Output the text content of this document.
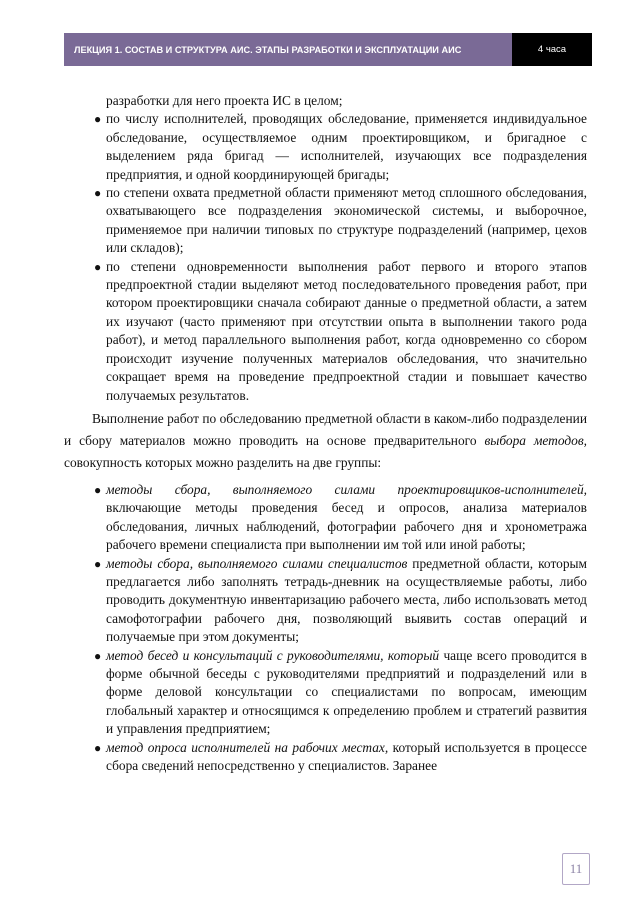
ЛЕКЦИЯ 1. СОСТАВ И СТРУКТУРА АИС. ЭТАПЫ РАЗРАБОТКИ И ЭКСПЛУАТАЦИИ АИС	4 часа
разработки для него проекта ИС в целом;
● по числу исполнителей, проводящих обследование, применяется индивидуальное обследование, осуществляемое одним проектировщиком, и бригадное с выделением ряда бригад — исполнителей, изучающих все подразделения предприятия, и одной координирующей бригады;
● по степени охвата предметной области применяют метод сплошного обследования, охватывающего все подразделения экономической системы, и выборочное, применяемое при наличии типовых по структуре подразделений (например, цехов или складов);
● по степени одновременности выполнения работ первого и второго этапов предпроектной стадии выделяют метод последовательного проведения работ, при котором проектировщики сначала собирают данные о предметной области, а затем их изучают (часто применяют при отсутствии опыта в выполнении такого рода работ), и метод параллельного выполнения работ, когда одновременно со сбором происходит изучение полученных материалов обследования, что значительно сокращает время на проведение предпроектной стадии и повышает качество получаемых результатов.
Выполнение работ по обследованию предметной области в каком-либо подразделении и сбору материалов можно проводить на основе предварительного выбора методов, совокупность которых можно разделить на две группы:
● методы сбора, выполняемого силами проектировщиков-исполнителей, включающие методы проведения бесед и опросов, анализа материалов обследования, личных наблюдений, фотографии рабочего дня и хронометража рабочего времени специалиста при выполнении им той или иной работы;
● методы сбора, выполняемого силами специалистов предметной области, которым предлагается либо заполнять тетрадь-дневник на осуществляемые работы, либо проводить документную инвентаризацию рабочего места, либо использовать метод самофотографии рабочего дня, позволяющий выявить состав операций и получаемые при этом документы;
● метод бесед и консультаций с руководителями, который чаще всего проводится в форме обычной беседы с руководителями предприятий и подразделений или в форме деловой консультации со специалистами по вопросам, имеющим глобальный характер и относящимся к определению проблем и стратегий развития и управления предприятием;
● метод опроса исполнителей на рабочих местах, который используется в процессе сбора сведений непосредственно у специалистов. Заранее
11
